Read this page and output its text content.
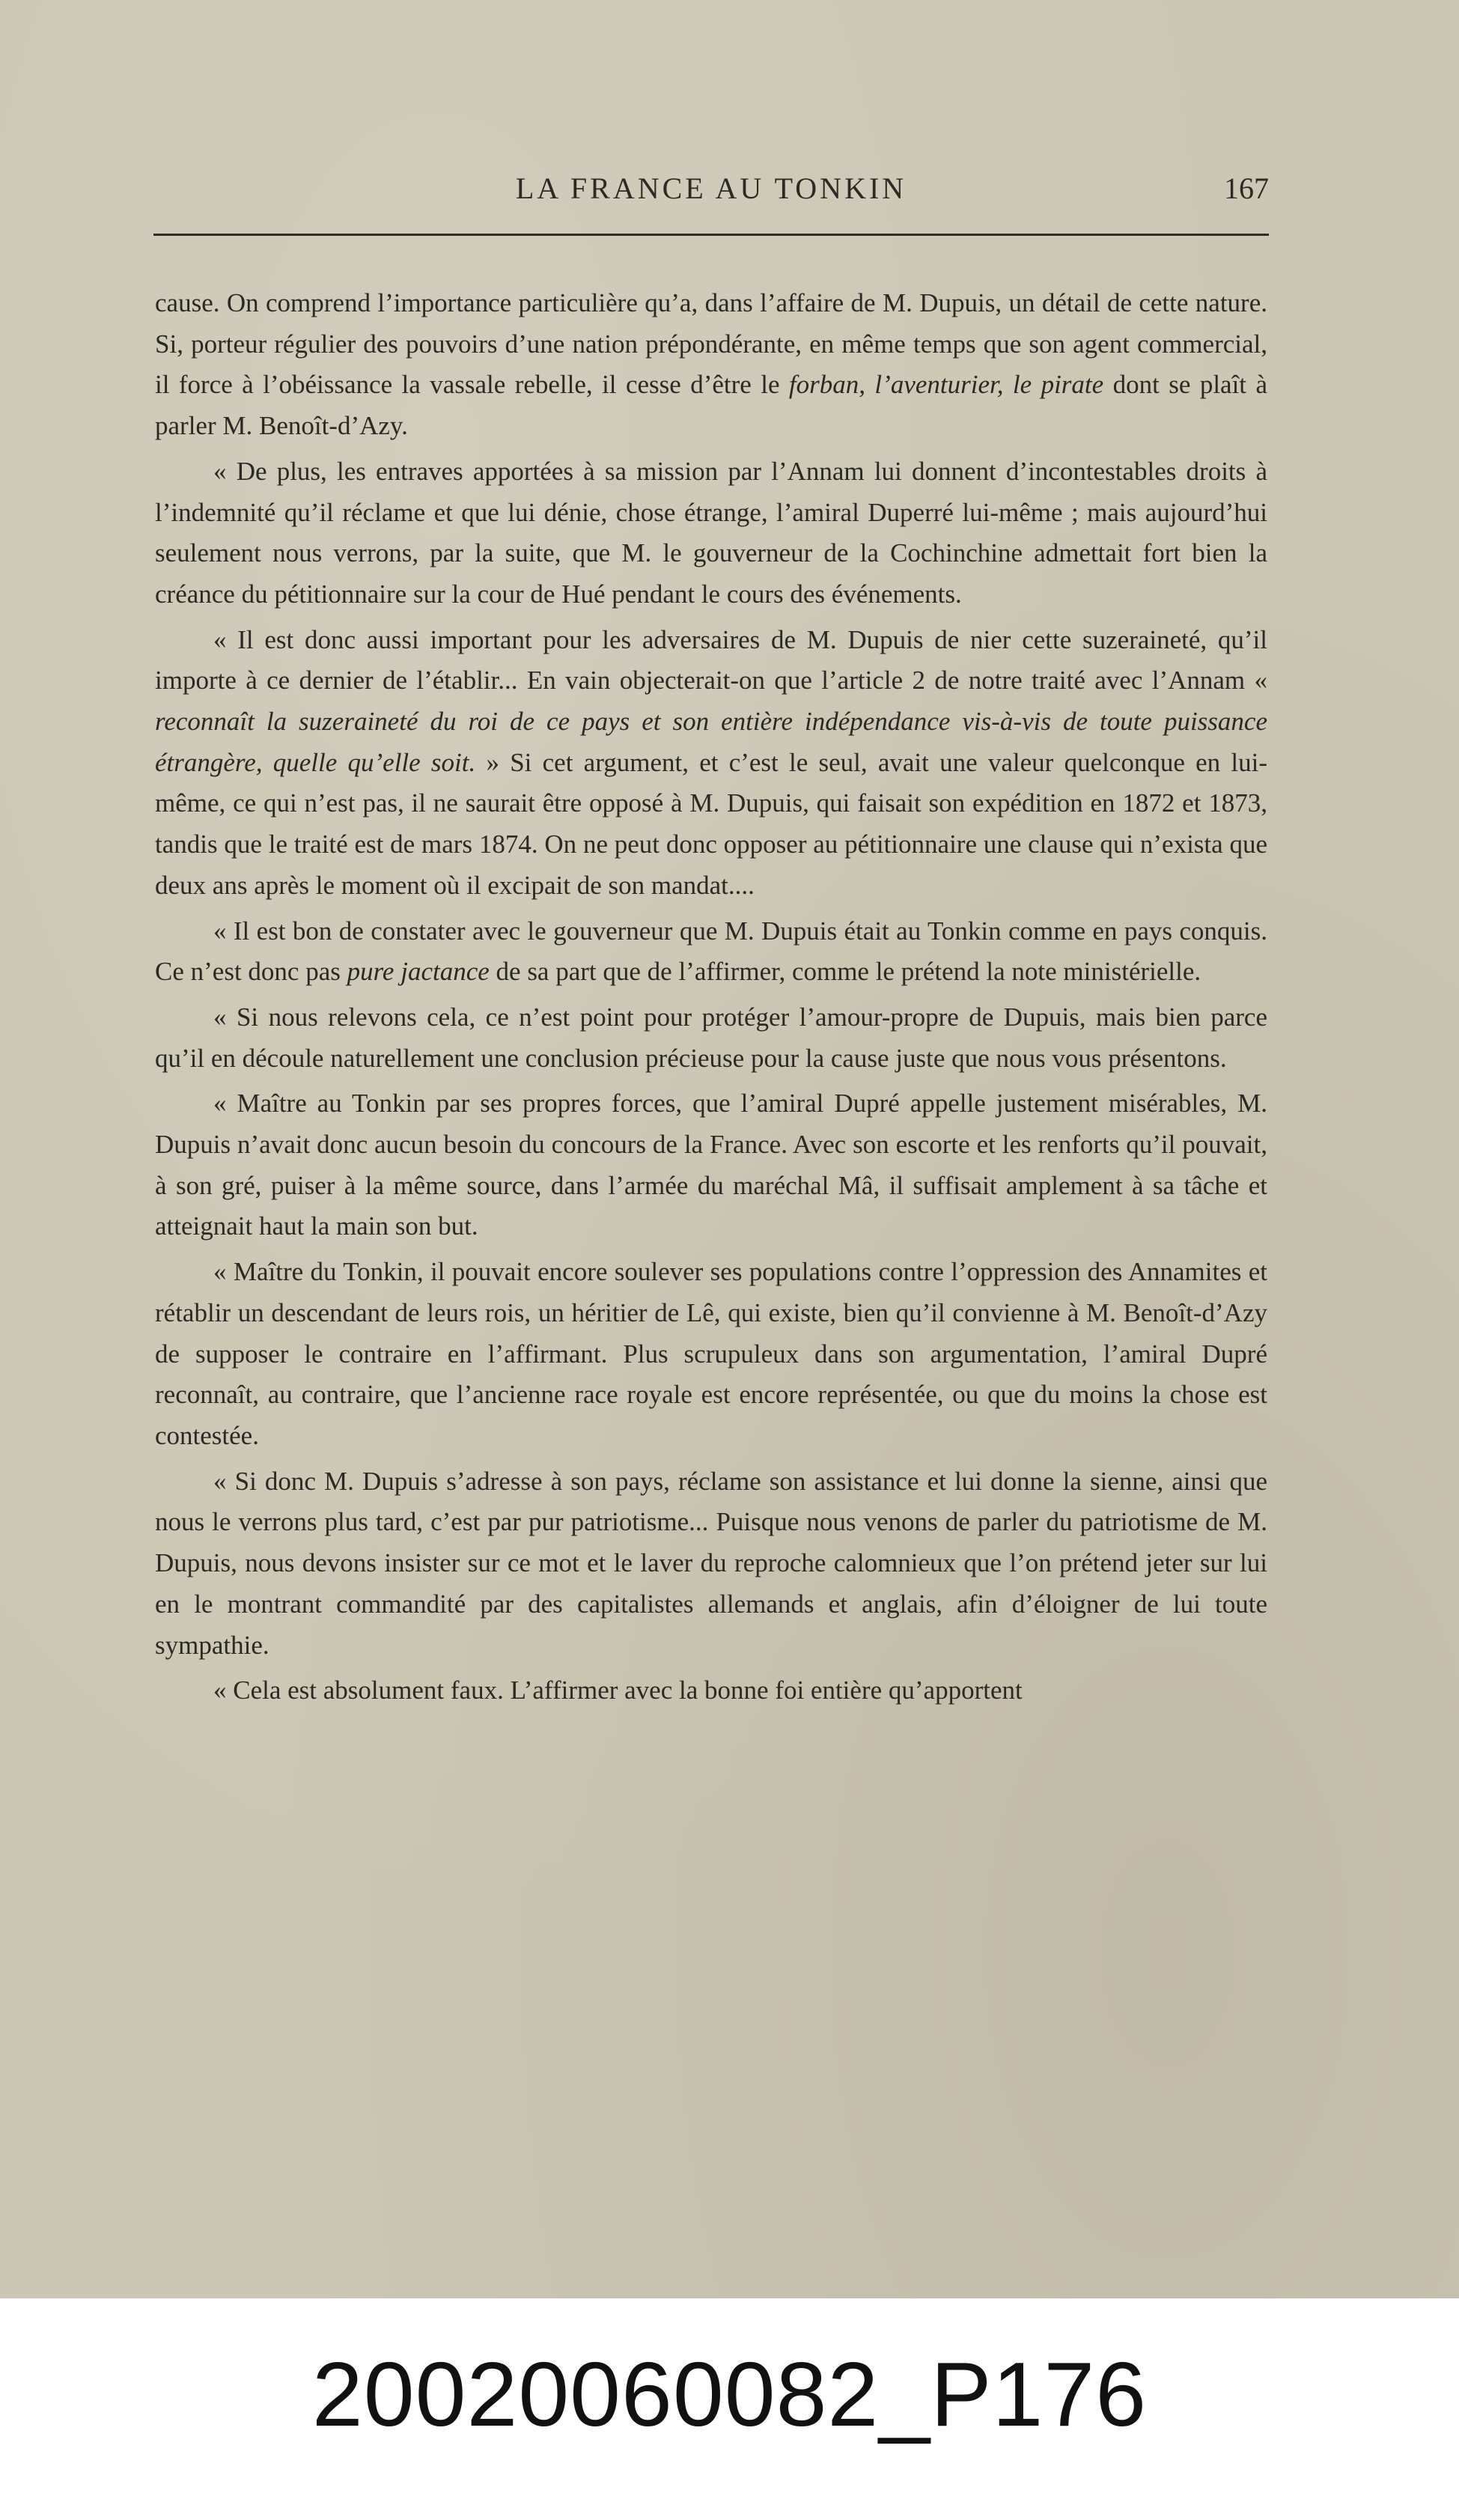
LA FRANCE AU TONKIN	167

cause. On comprend l’importance particulière qu’a, dans l’affaire de M. Dupuis, un détail de cette nature. Si, porteur régulier des pouvoirs d’une nation prépondérante, en même temps que son agent commercial, il force à l’obéissance la vassale rebelle, il cesse d’être le forban, l’aventurier, le pirate dont se plaît à parler M. Benoît-d’Azy.

« De plus, les entraves apportées à sa mission par l’Annam lui donnent d’incontestables droits à l’indemnité qu’il réclame et que lui dénie, chose étrange, l’amiral Duperré lui-même ; mais aujourd’hui seulement nous verrons, par la suite, que M. le gouverneur de la Cochinchine admettait fort bien la créance du pétitionnaire sur la cour de Hué pendant le cours des événements.

« Il est donc aussi important pour les adversaires de M. Dupuis de nier cette suzeraineté, qu’il importe à ce dernier de l’établir... En vain objecterait-on que l’article 2 de notre traité avec l’Annam « reconnaît la suzeraineté du roi de ce pays et son entière indépendance vis-à-vis de toute puissance étrangère, quelle qu’elle soit. » Si cet argument, et c’est le seul, avait une valeur quelconque en lui-même, ce qui n’est pas, il ne saurait être opposé à M. Dupuis, qui faisait son expédition en 1872 et 1873, tandis que le traité est de mars 1874. On ne peut donc opposer au pétitionnaire une clause qui n’exista que deux ans après le moment où il excipait de son mandat....

« Il est bon de constater avec le gouverneur que M. Dupuis était au Tonkin comme en pays conquis. Ce n’est donc pas pure jactance de sa part que de l’affirmer, comme le prétend la note ministérielle.

« Si nous relevons cela, ce n’est point pour protéger l’amour-propre de Dupuis, mais bien parce qu’il en découle naturellement une conclusion précieuse pour la cause juste que nous vous présentons.

« Maître au Tonkin par ses propres forces, que l’amiral Dupré appelle justement misérables, M. Dupuis n’avait donc aucun besoin du concours de la France. Avec son escorte et les renforts qu’il pouvait, à son gré, puiser à la même source, dans l’armée du maréchal Mâ, il suffisait amplement à sa tâche et atteignait haut la main son but.

« Maître du Tonkin, il pouvait encore soulever ses populations contre l’oppression des Annamites et rétablir un descendant de leurs rois, un héritier de Lê, qui existe, bien qu’il convienne à M. Benoît-d’Azy de supposer le contraire en l’affirmant. Plus scrupuleux dans son argumentation, l’amiral Dupré reconnaît, au contraire, que l’ancienne race royale est encore représentée, ou que du moins la chose est contestée.

« Si donc M. Dupuis s’adresse à son pays, réclame son assistance et lui donne la sienne, ainsi que nous le verrons plus tard, c’est par pur patriotisme... Puisque nous venons de parler du patriotisme de M. Dupuis, nous devons insister sur ce mot et le laver du reproche calomnieux que l’on prétend jeter sur lui en le montrant commandité par des capitalistes allemands et anglais, afin d’éloigner de lui toute sympathie.

« Cela est absolument faux. L’affirmer avec la bonne foi entière qu’apportent

20020060082_P176
